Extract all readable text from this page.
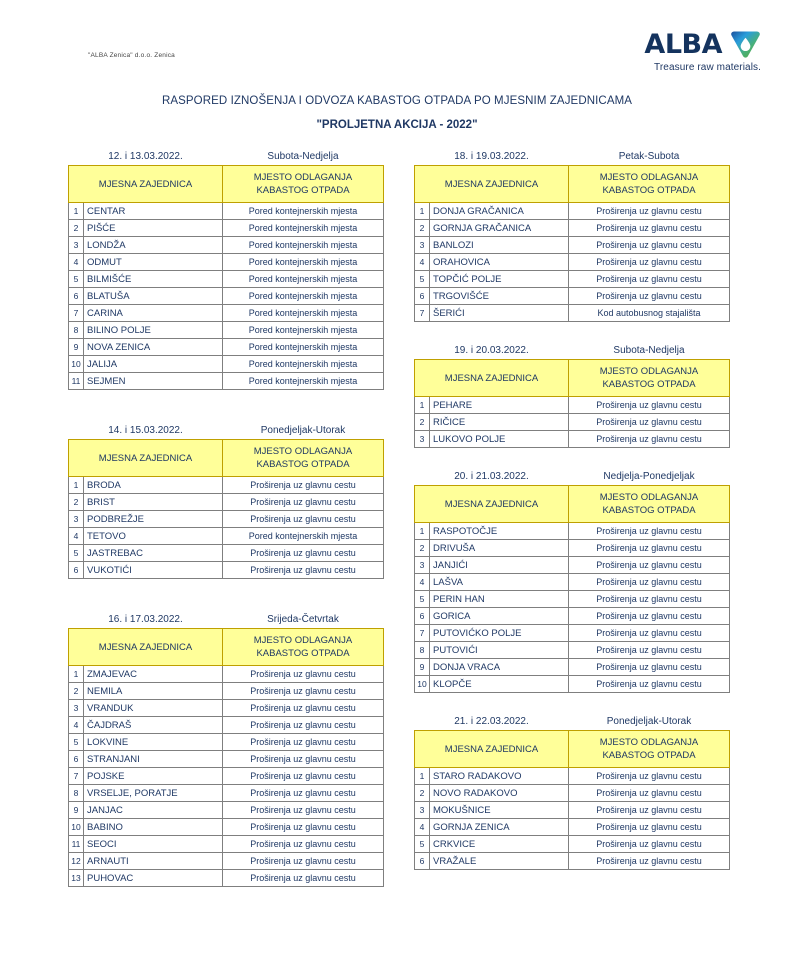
"ALBA Zenica" d.o.o. Zenica	ALBA
Treasure raw materials.
RASPORED IZNOŠENJA I ODVOZA KABASTOG OTPADA PO MJESNIM ZAJEDNICAMA
"PROLJETNA AKCIJA - 2022"
12. i 13.03.2022.	Subota-Nedjelja
MJESNA ZAJEDNICA		MJESTO ODLAGANJA
KABASTOG OTPADA

1	CENTAR	Pored kontejnerskih mjesta
2	PIŠĆE	Pored kontejnerskih mjesta
3	LONDŽA	Pored kontejnerskih mjesta
4	ODMUT	Pored kontejnerskih mjesta
5	BILMIŠĆE	Pored kontejnerskih mjesta
6	BLATUŠA	Pored kontejnerskih mjesta
7	CARINA	Pored kontejnerskih mjesta
8	BILINO POLJE	Pored kontejnerskih mjesta
9	NOVA ZENICA	Pored kontejnerskih mjesta
10	JALIJA	Pored kontejnerskih mjesta
11	SEJMEN	Pored kontejnerskih mjesta
14. i 15.03.2022.	Ponedjeljak-Utorak
MJESNA ZAJEDNICA		MJESTO ODLAGANJA
KABASTOG OTPADA

1	BRODA	Proširenja uz glavnu cestu
2	BRIST	Proširenja uz glavnu cestu
3	PODBREŽJE	Proširenja uz glavnu cestu
4	TETOVO	Pored kontejnerskih mjesta
5	JASTREBAC	Proširenja uz glavnu cestu
6	VUKOTIĆI	Proširenja uz glavnu cestu
16. i 17.03.2022.	Srijeda-Četvrtak
MJESNA ZAJEDNICA		MJESTO ODLAGANJA
KABASTOG OTPADA

1	ZMAJEVAC	Proširenja uz glavnu cestu
2	NEMILA	Proširenja uz glavnu cestu
3	VRANDUK	Proširenja uz glavnu cestu
4	ČAJDRAŠ	Proširenja uz glavnu cestu
5	LOKVINE	Proširenja uz glavnu cestu
6	STRANJANI	Proširenja uz glavnu cestu
7	POJSKE	Proširenja uz glavnu cestu
8	VRSELJE, PORATJE	Proširenja uz glavnu cestu
9	JANJAC	Proširenja uz glavnu cestu
10	BABINO	Proširenja uz glavnu cestu
11	SEOCI	Proširenja uz glavnu cestu
12	ARNAUTI	Proširenja uz glavnu cestu
13	PUHOVAC	Proširenja uz glavnu cestu
18. i 19.03.2022.	Petak-Subota
MJESNA ZAJEDNICA		MJESTO ODLAGANJA
KABASTOG OTPADA

1	DONJA GRAČANICA	Proširenja uz glavnu cestu
2	GORNJA GRAČANICA	Proširenja uz glavnu cestu
3	BANLOZI	Proširenja uz glavnu cestu
4	ORAHOVICA	Proširenja uz glavnu cestu
5	TOPČIĆ POLJE	Proširenja uz glavnu cestu
6	TRGOVIŠĆE	Proširenja uz glavnu cestu
7	ŠERIĆI	Kod autobusnog stajališta
19. i 20.03.2022.	Subota-Nedjelja
MJESNA ZAJEDNICA		MJESTO ODLAGANJA
KABASTOG OTPADA

1	PEHARE	Proširenja uz glavnu cestu
2	RIČICE	Proširenja uz glavnu cestu
3	LUKOVO POLJE	Proširenja uz glavnu cestu
20. i 21.03.2022.	Nedjelja-Ponedjeljak
MJESNA ZAJEDNICA		MJESTO ODLAGANJA
KABASTOG OTPADA

1	RASPOTOČJE	Proširenja uz glavnu cestu
2	DRIVUŠA	Proširenja uz glavnu cestu
3	JANJIĆI	Proširenja uz glavnu cestu
4	LAŠVA	Proširenja uz glavnu cestu
5	PERIN HAN	Proširenja uz glavnu cestu
6	GORICA	Proširenja uz glavnu cestu
7	PUTOVIĆKO POLJE	Proširenja uz glavnu cestu
8	PUTOVIĆI	Proširenja uz glavnu cestu
9	DONJA VRACA	Proširenja uz glavnu cestu
10	KLOPČE	Proširenja uz glavnu cestu
21. i 22.03.2022.	Ponedjeljak-Utorak
MJESNA ZAJEDNICA		MJESTO ODLAGANJA
KABASTOG OTPADA

1	STARO RADAKOVO	Proširenja uz glavnu cestu
2	NOVO RADAKOVO	Proširenja uz glavnu cestu
3	MOKUŠNICE	Proširenja uz glavnu cestu
4	GORNJA ZENICA	Proširenja uz glavnu cestu
5	CRKVICE	Proširenja uz glavnu cestu
6	VRAŽALE	Proširenja uz glavnu cestu
